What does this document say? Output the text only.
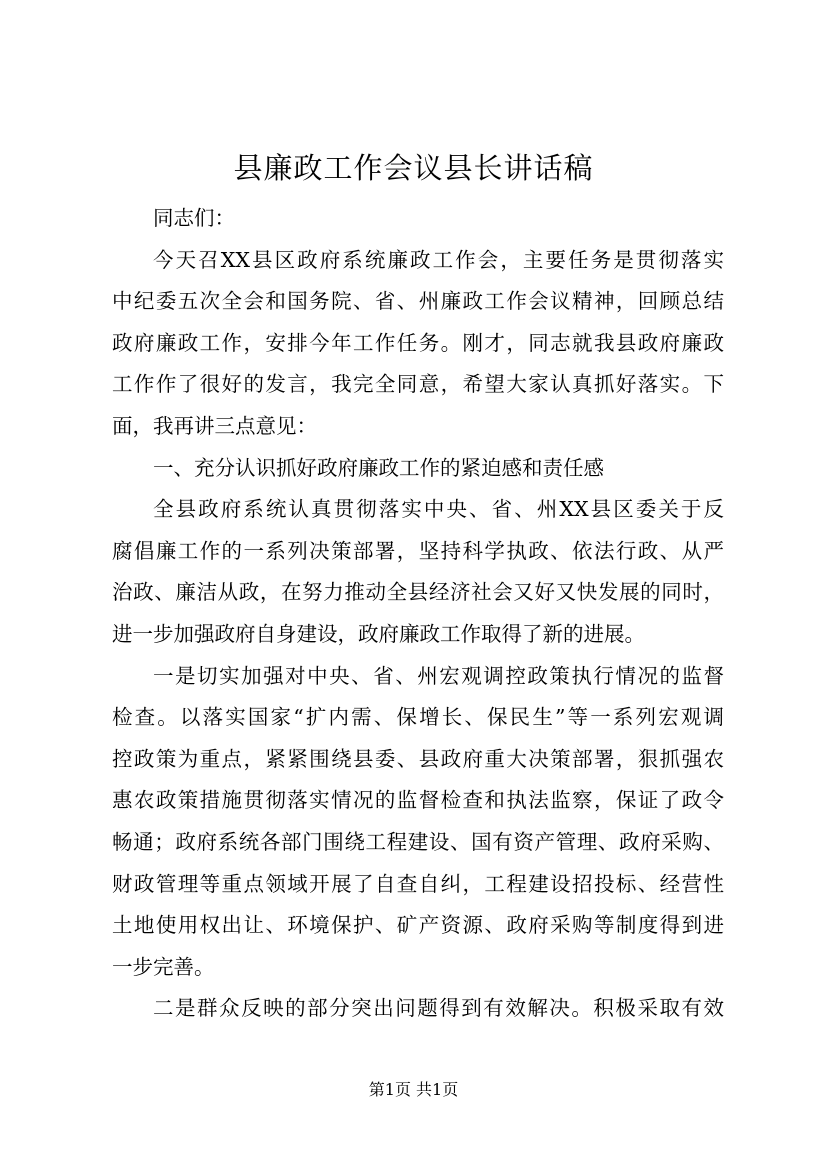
县廉政工作会议县长讲话稿
同志们：
今天召XX县区政府系统廉政工作会，主要任务是贯彻落实
中纪委五次全会和国务院、省、州廉政工作会议精神，回顾总结
政府廉政工作，安排今年工作任务。刚才，同志就我县政府廉政
工作作了很好的发言，我完全同意，希望大家认真抓好落实。下
面，我再讲三点意见：
一、充分认识抓好政府廉政工作的紧迫感和责任感
全县政府系统认真贯彻落实中央、省、州XX县区委关于反
腐倡廉工作的一系列决策部署，坚持科学执政、依法行政、从严
治政、廉洁从政，在努力推动全县经济社会又好又快发展的同时，
进一步加强政府自身建设，政府廉政工作取得了新的进展。
一是切实加强对中央、省、州宏观调控政策执行情况的监督
检查。以落实国家“扩内需、保增长、保民生”等一系列宏观调
控政策为重点，紧紧围绕县委、县政府重大决策部署，狠抓强农
惠农政策措施贯彻落实情况的监督检查和执法监察，保证了政令
畅通；政府系统各部门围绕工程建设、国有资产管理、政府采购、
财政管理等重点领域开展了自查自纠，工程建设招投标、经营性
土地使用权出让、环境保护、矿产资源、政府采购等制度得到进
一步完善。
二是群众反映的部分突出问题得到有效解决。积极采取有效
第1页 共1页
